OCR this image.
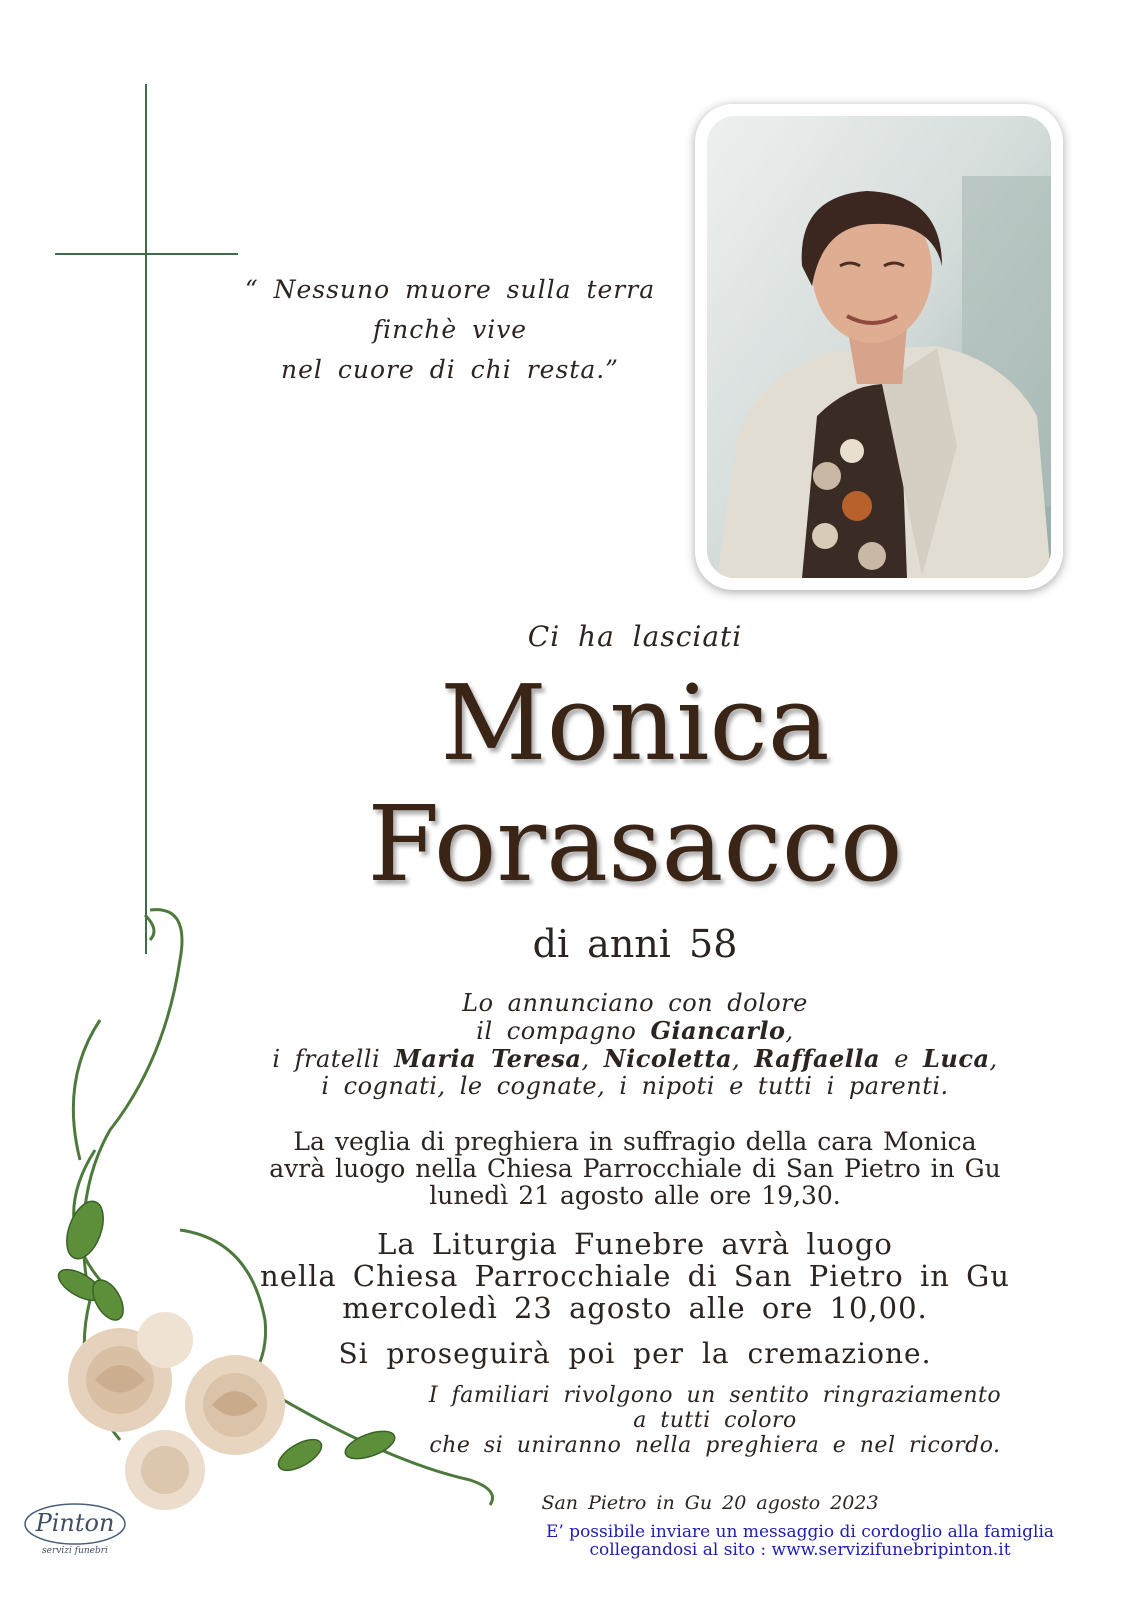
“ Nessuno muore sulla terra
finchè vive
nel cuore di chi resta.”
Ci ha lasciati
Monica
Forasacco
di anni 58
Lo annunciano con dolore
il compagno Giancarlo,
i fratelli Maria Teresa, Nicoletta, Raffaella e Luca,
i cognati, le cognate, i nipoti e tutti i parenti.
La veglia di preghiera in suffragio della cara Monica
avrà luogo nella Chiesa Parrocchiale di San Pietro in Gu
lunedì 21 agosto alle ore 19,30.
La Liturgia Funebre avrà luogo
nella Chiesa Parrocchiale di San Pietro in Gu
mercoledì 23 agosto alle ore 10,00.
Si proseguirà poi per la cremazione.
I familiari rivolgono un sentito ringraziamento
a tutti coloro
che si uniranno nella preghiera e nel ricordo.
San Pietro in Gu 20 agosto 2023
E’ possibile inviare un messaggio di cordoglio alla famiglia
collegandosi al sito : www.servizifunebripinton.it
Pinton
servizi funebri
